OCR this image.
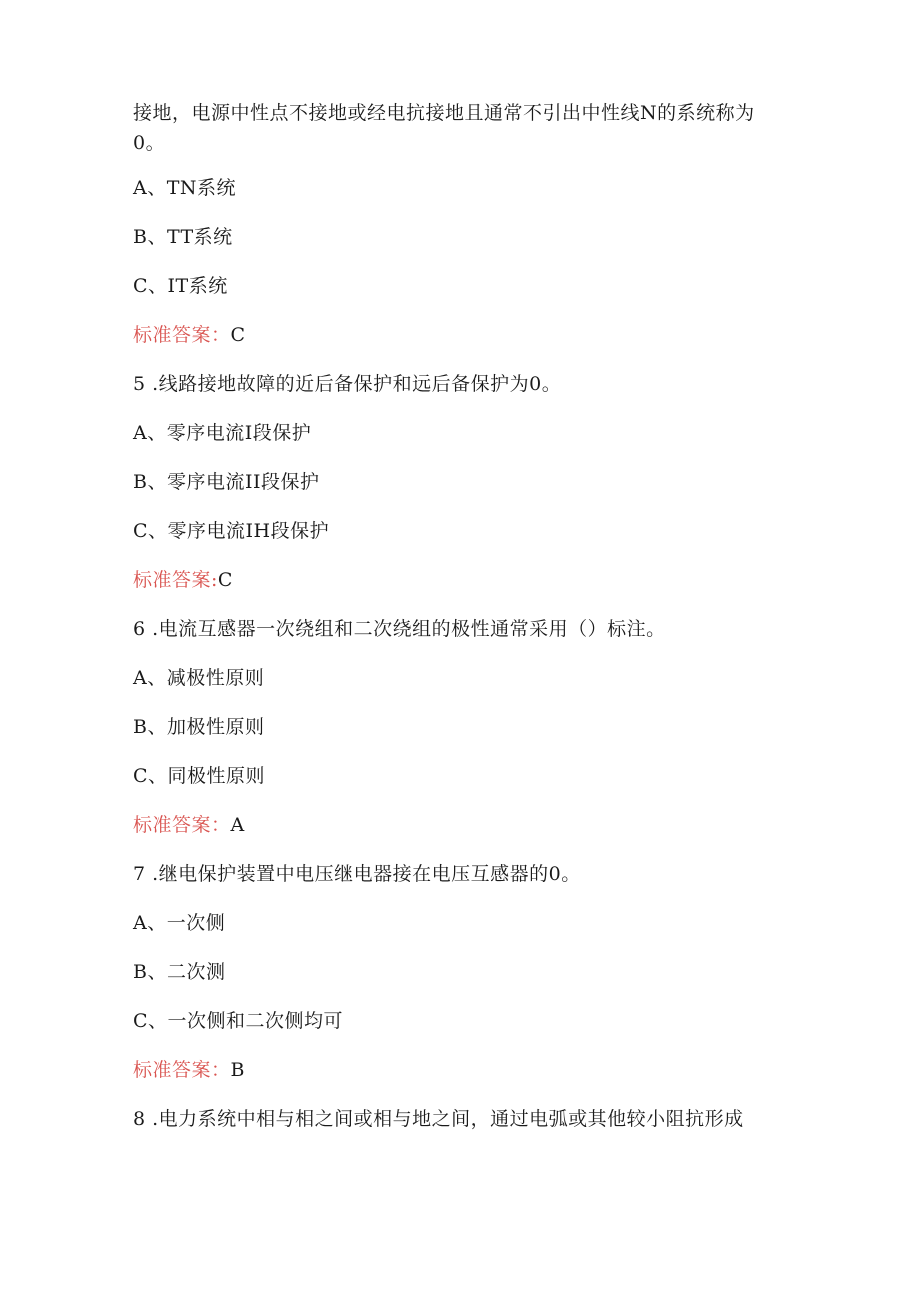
接地，电源中性点不接地或经电抗接地且通常不引出中性线N的系统称为
0。
A、TN系统
B、TT系统
C、IT系统
标准答案：C
5 .线路接地故障的近后备保护和远后备保护为0。
A、零序电流I段保护
B、零序电流II段保护
C、零序电流IH段保护
标准答案:C
6 .电流互感器一次绕组和二次绕组的极性通常采用（）标注。
A、减极性原则
B、加极性原则
C、同极性原则
标准答案：A
7 .继电保护装置中电压继电器接在电压互感器的0。
A、一次侧
B、二次测
C、一次侧和二次侧均可
标准答案：B
8 .电力系统中相与相之间或相与地之间，通过电弧或其他较小阻抗形成
